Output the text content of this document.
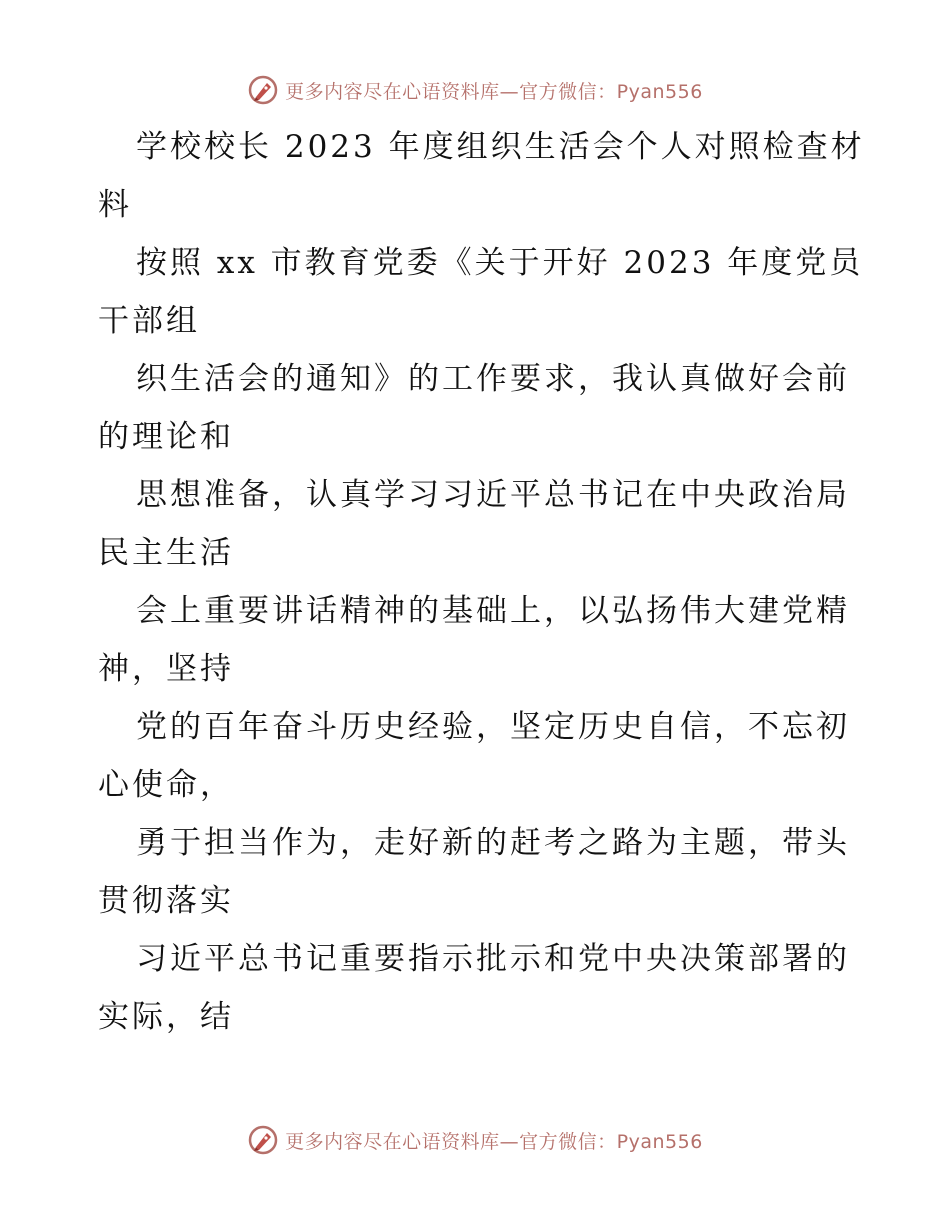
更多内容尽在心语资料库—官方微信：Pyan556
学校校长 2023 年度组织生活会个人对照检查材
料
按照 xx 市教育党委《关于开好 2023 年度党员
干部组
织生活会的通知》的工作要求，我认真做好会前
的理论和
思想准备，认真学习习近平总书记在中央政治局
民主生活
会上重要讲话精神的基础上，以弘扬伟大建党精
神，坚持
党的百年奋斗历史经验，坚定历史自信，不忘初
心使命，
勇于担当作为，走好新的赶考之路为主题，带头
贯彻落实
习近平总书记重要指示批示和党中央决策部署的
实际，结
更多内容尽在心语资料库—官方微信：Pyan556
